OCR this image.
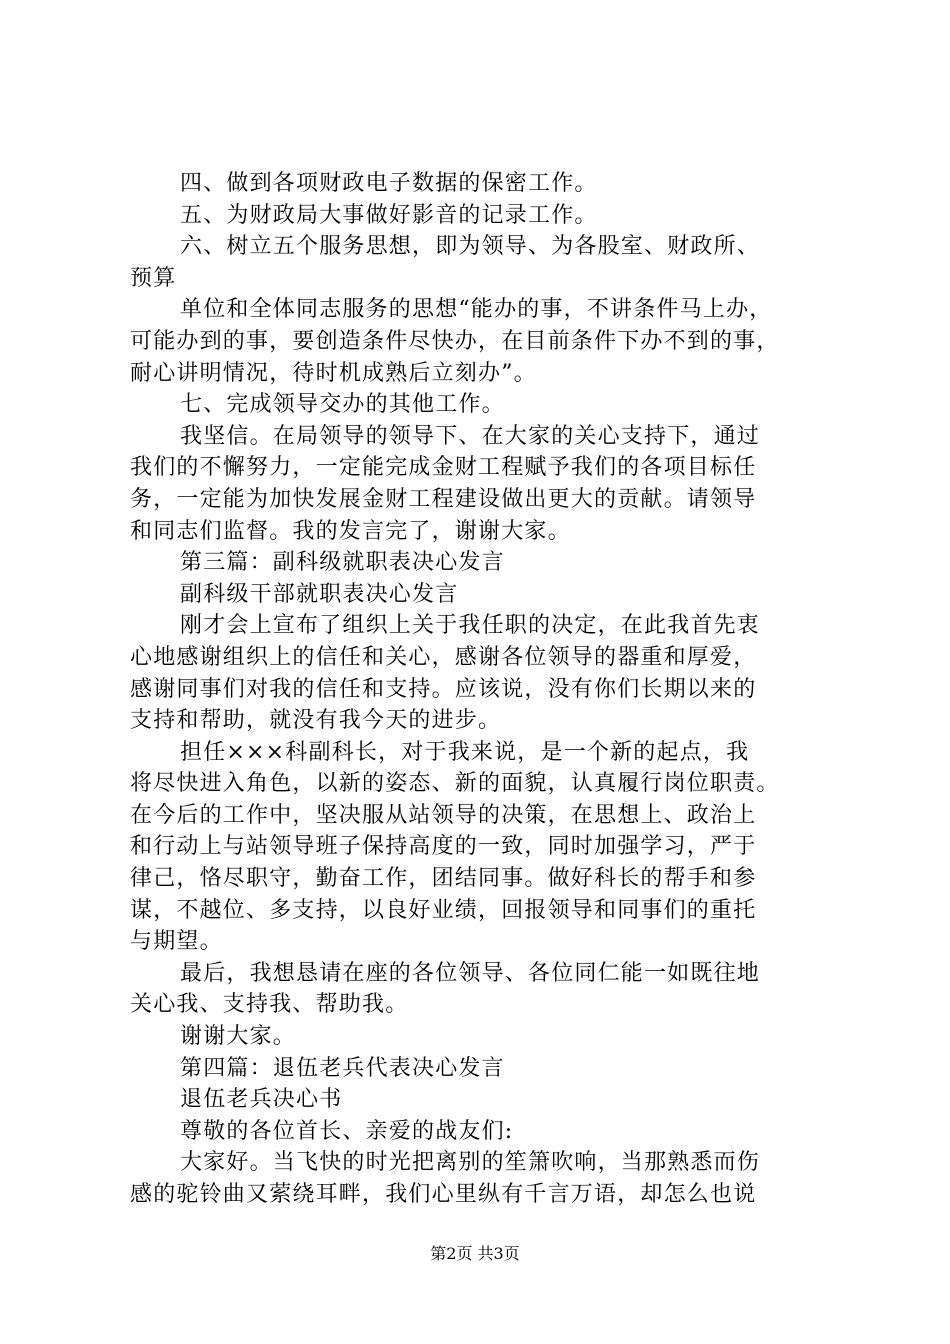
四、做到各项财政电子数据的保密工作。

五、为财政局大事做好影音的记录工作。

六、树立五个服务思想，即为领导、为各股室、财政所、
预算

单位和全体同志服务的思想“能办的事，不讲条件马上办，
可能办到的事，要创造条件尽快办，在目前条件下办不到的事，
耐心讲明情况，待时机成熟后立刻办”。

七、完成领导交办的其他工作。

我坚信。在局领导的领导下、在大家的关心支持下，通过
我们的不懈努力，一定能完成金财工程赋予我们的各项目标任
务，一定能为加快发展金财工程建设做出更大的贡献。请领导
和同志们监督。我的发言完了，谢谢大家。

第三篇：副科级就职表决心发言

副科级干部就职表决心发言

刚才会上宣布了组织上关于我任职的决定，在此我首先衷
心地感谢组织上的信任和关心，感谢各位领导的器重和厚爱，
感谢同事们对我的信任和支持。应该说，没有你们长期以来的
支持和帮助，就没有我今天的进步。

担任×××科副科长，对于我来说，是一个新的起点，我
将尽快进入角色，以新的姿态、新的面貌，认真履行岗位职责。
在今后的工作中，坚决服从站领导的决策，在思想上、政治上
和行动上与站领导班子保持高度的一致，同时加强学习，严于
律己，恪尽职守，勤奋工作，团结同事。做好科长的帮手和参
谋，不越位、多支持，以良好业绩，回报领导和同事们的重托
与期望。

最后，我想恳请在座的各位领导、各位同仁能一如既往地
关心我、支持我、帮助我。

谢谢大家。

第四篇：退伍老兵代表决心发言

退伍老兵决心书

尊敬的各位首长、亲爱的战友们:

大家好。当飞快的时光把离别的笙箫吹响，当那熟悉而伤
感的驼铃曲又萦绕耳畔，我们心里纵有千言万语，却怎么也说

第2页 共3页
